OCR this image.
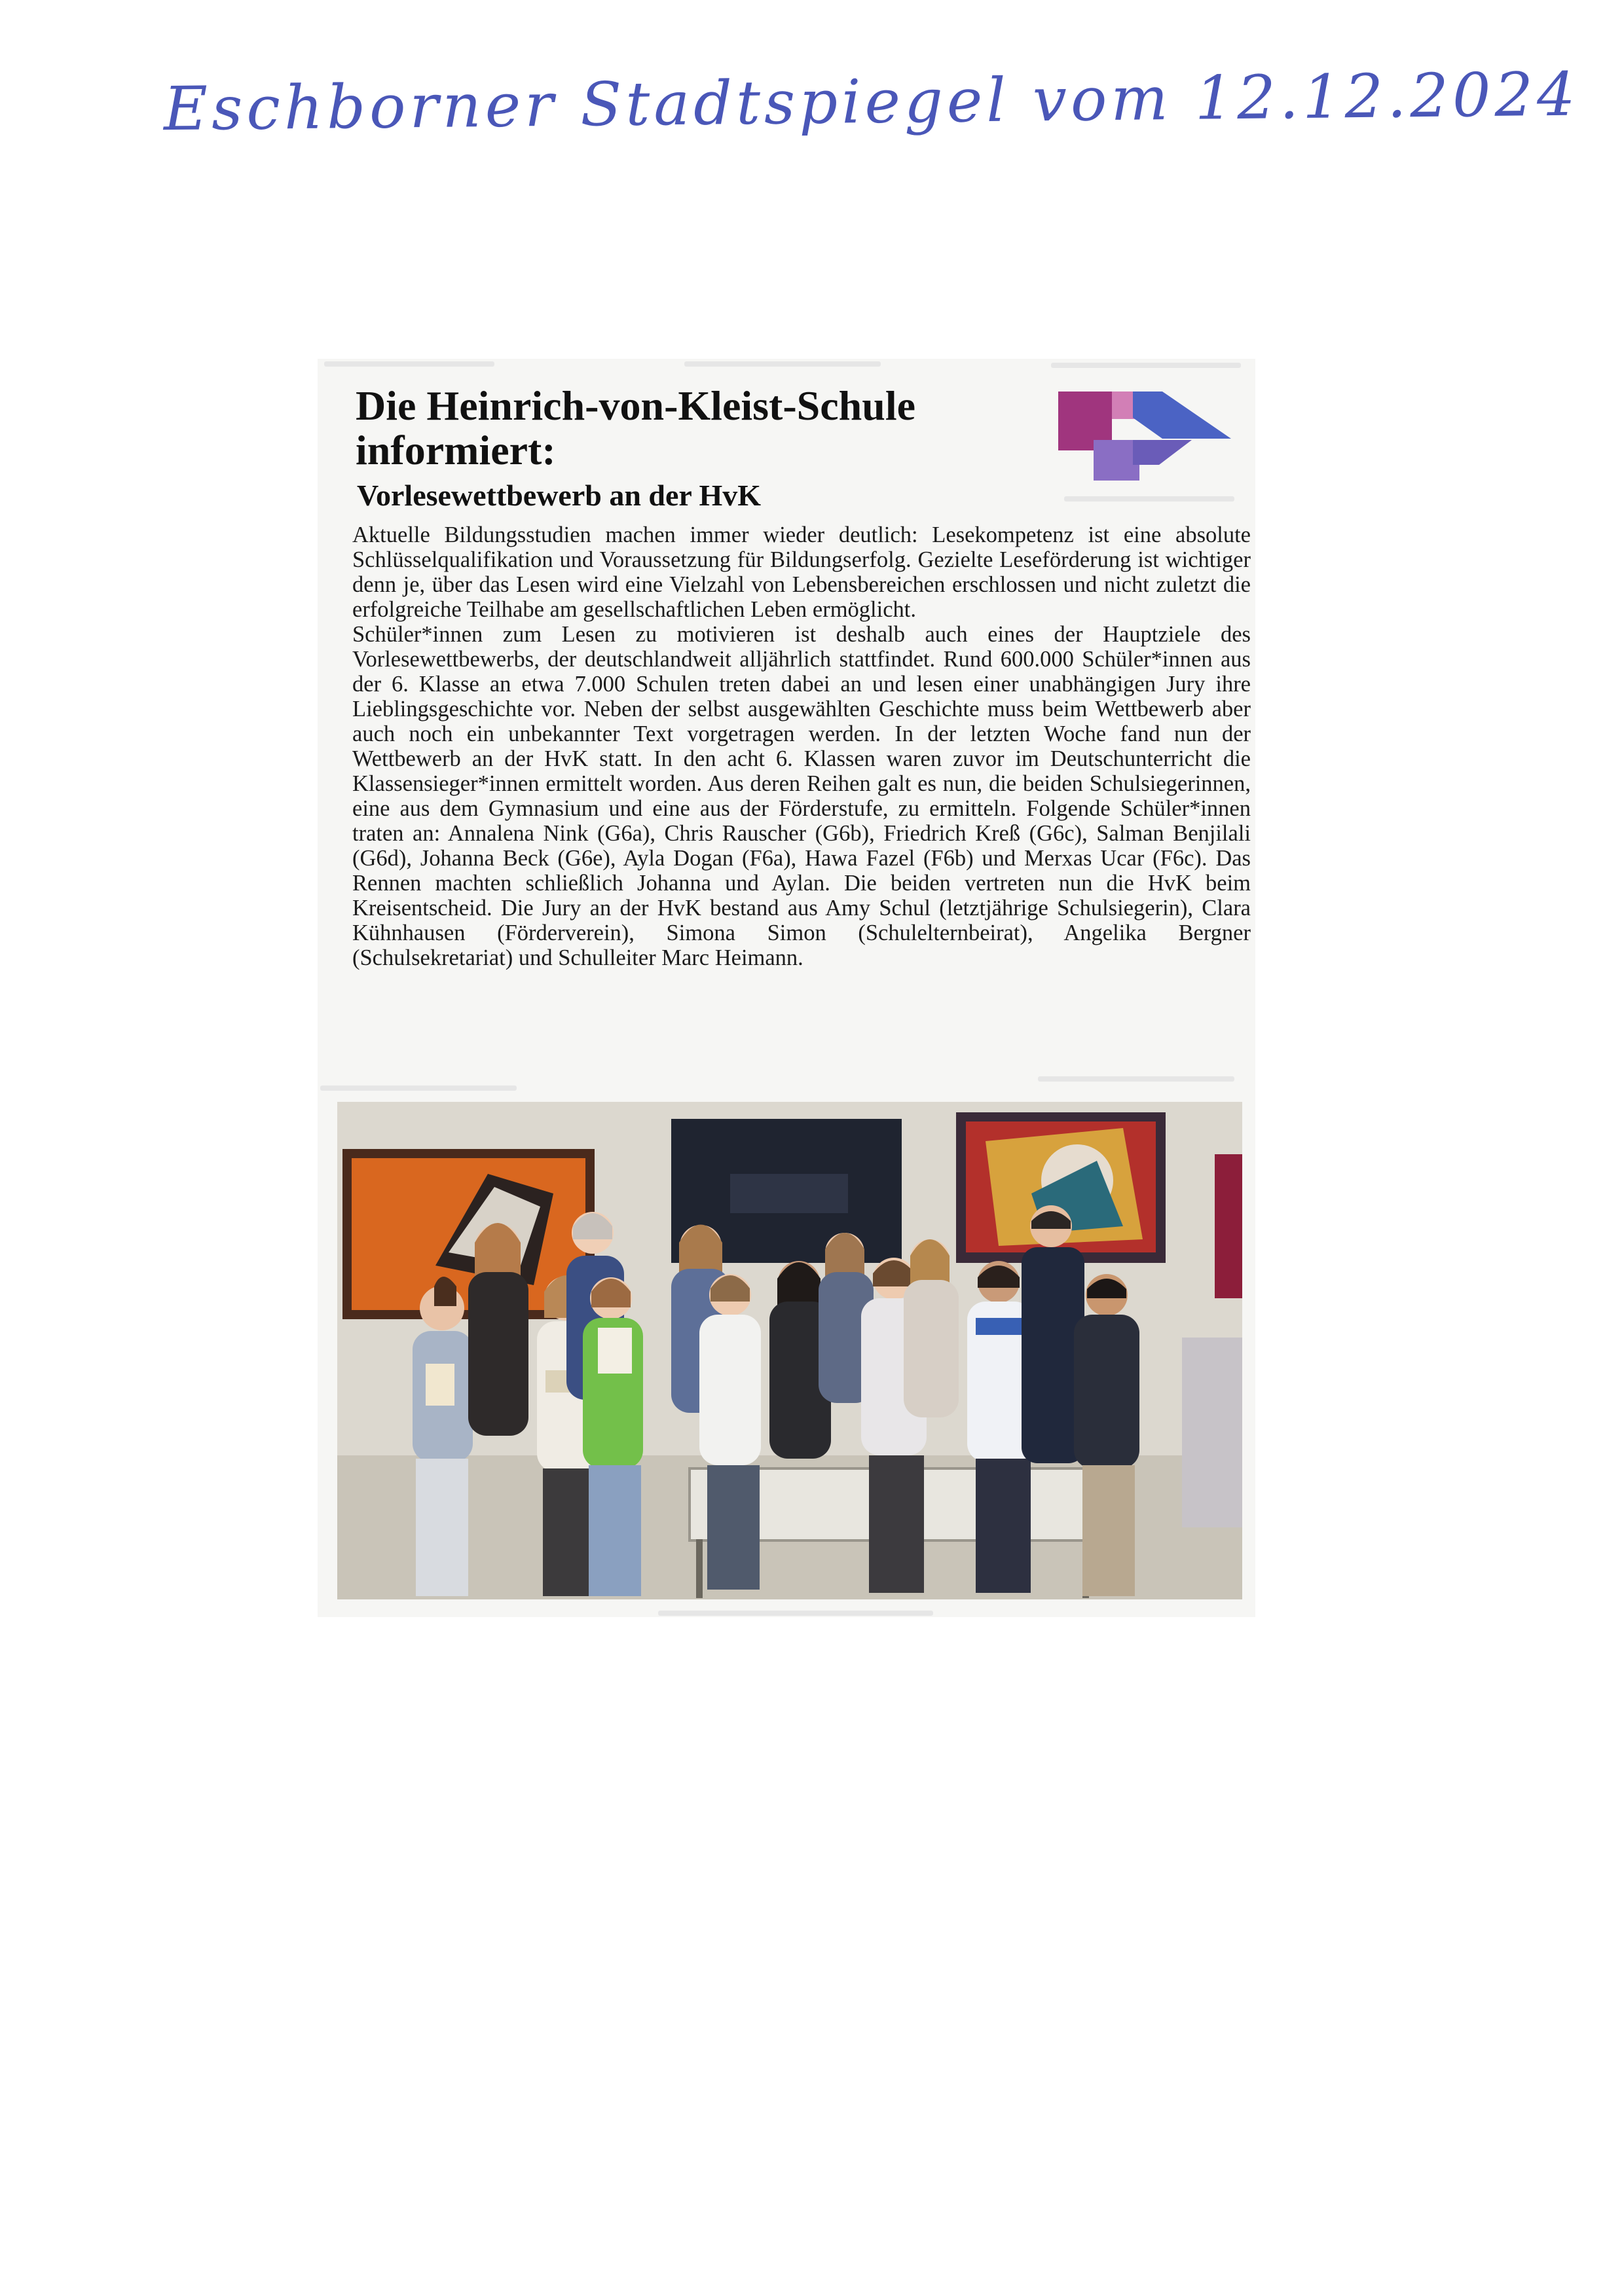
Eschborner Stadtspiegel vom 12.12.2024
Die Heinrich-von-Kleist-Schule informiert:
Vorlesewettbewerb an der HvK

Aktuelle Bildungsstudien machen immer wieder deutlich: Lesekompetenz ist eine absolute Schlüsselqualifikation und Voraussetzung für Bildungserfolg. Gezielte Leseförderung ist wichtiger denn je, über das Lesen wird eine Vielzahl von Lebensbereichen erschlossen und nicht zuletzt die erfolgreiche Teilhabe am gesellschaftlichen Leben ermöglicht.

Schüler*innen zum Lesen zu motivieren ist deshalb auch eines der Hauptziele des Vorlesewettbewerbs, der deutschlandweit alljährlich stattfindet. Rund 600.000 Schüler*innen aus der 6. Klasse an etwa 7.000 Schulen treten dabei an und lesen einer unabhängigen Jury ihre Lieblingsgeschichte vor. Neben der selbst ausgewählten Geschichte muss beim Wettbewerb aber auch noch ein unbekannter Text vorgetragen werden. In der letzten Woche fand nun der Wettbewerb an der HvK statt. In den acht 6. Klassen waren zuvor im Deutschunterricht die Klassensieger*innen ermittelt worden. Aus deren Reihen galt es nun, die beiden Schulsiegerinnen, eine aus dem Gymnasium und eine aus der Förderstufe, zu ermitteln. Folgende Schüler*innen traten an: Annalena Nink (G6a), Chris Rauscher (G6b), Friedrich Kreß (G6c), Salman Benjilali (G6d), Johanna Beck (G6e), Ayla Dogan (F6a), Hawa Fazel (F6b) und Merxas Ucar (F6c). Das Rennen machten schließlich Johanna und Aylan. Die beiden vertreten nun die HvK beim Kreisentscheid. Die Jury an der HvK bestand aus Amy Schul (letztjährige Schulsiegerin), Clara Kühnhausen (Förderverein), Simona Simon (Schulelternbeirat), Angelika Bergner (Schulsekretariat) und Schulleiter Marc Heimann.
